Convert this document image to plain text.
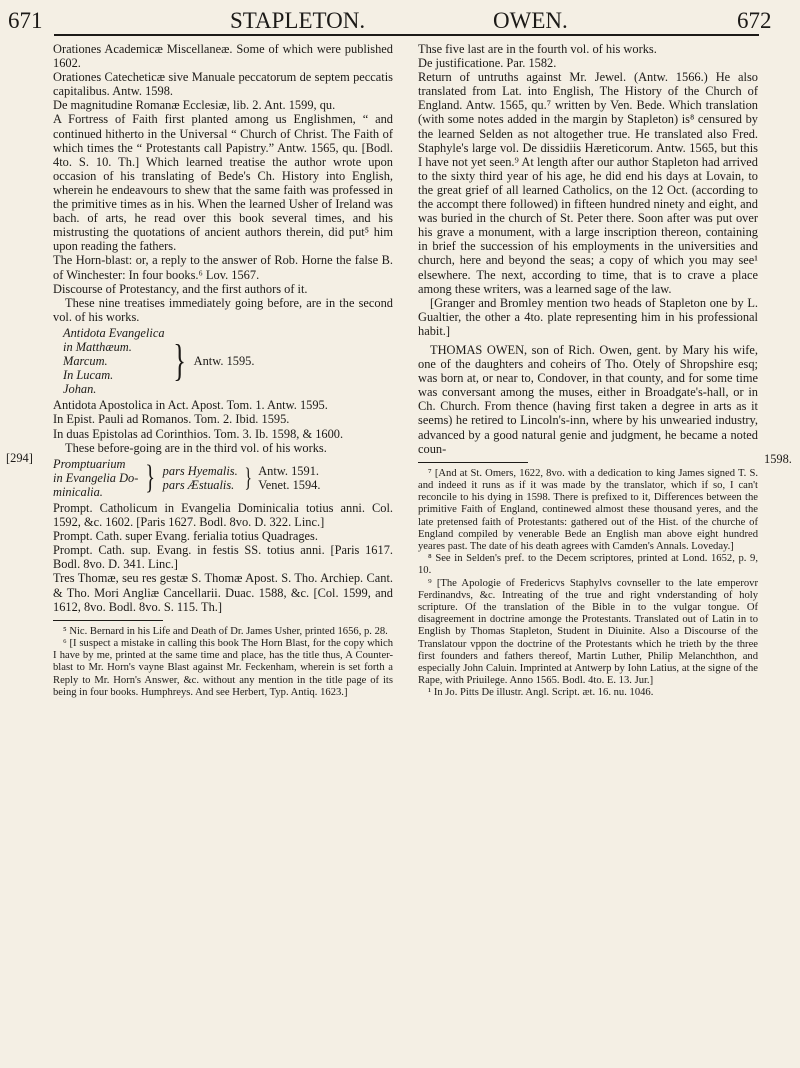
671	STAPLETON.	OWEN.	672
[294]	1598.

Orationes Academicæ Miscellaneæ. Some of which were published 1602.

Orationes Catecheticæ sive Manuale peccatorum de septem peccatis capitalibus. Antw. 1598.

De magnitudine Romanæ Ecclesiæ, lib. 2. Ant. 1599, qu.

A Fortress of Faith first planted among us Englishmen, “ and continued hitherto in the Universal “ Church of Christ. The Faith of which times the “ Protestants call Papistry.” Antw. 1565, qu. [Bodl. 4to. S. 10. Th.] Which learned treatise the author wrote upon occasion of his translating of Bede's Ch. History into English, wherein he endeavours to shew that the same faith was professed in the primitive times as in his. When the learned Usher of Ireland was bach. of arts, he read over this book several times, and his mistrusting the quotations of ancient authors therein, did put⁵ him upon reading the fathers.

The Horn-blast: or, a reply to the answer of Rob. Horne the false B. of Winchester: In four books.⁶ Lov. 1567.

Discourse of Protestancy, and the first authors of it.

These nine treatises immediately going before, are in the second vol. of his works.

Antidota Evangelica
in Matthæum.
Marcum.
In Lucam.
Johan.
} Antw. 1595.

Antidota Apostolica in Act. Apost. Tom. 1. Antw. 1595.

In Epist. Pauli ad Romanos. Tom. 2. Ibid. 1595.

In duas Epistolas ad Corinthios. Tom. 3. Ib. 1598, & 1600.

These before-going are in the third vol. of his works.

Promptuarium
in Evangelia Do-
minicalia.	} pars Hyemalis.
pars Æstualis. } Antw. 1591.
Venet. 1594.

Prompt. Catholicum in Evangelia Dominicalia totius anni. Col. 1592, &c. 1602. [Paris 1627. Bodl. 8vo. D. 322. Linc.]

Prompt. Cath. super Evang. ferialia totius Quadrages.

Prompt. Cath. sup. Evang. in festis SS. totius anni. [Paris 1617. Bodl. 8vo. D. 341. Linc.]

Tres Thomæ, seu res gestæ S. Thomæ Apost. S. Tho. Archiep. Cant. & Tho. Mori Angliæ Cancellarii. Duac. 1588, &c. [Col. 1599, and 1612, 8vo. Bodl. 8vo. S. 115. Th.]

⁵ Nic. Bernard in his Life and Death of Dr. James Usher, printed 1656, p. 28.

⁶ [I suspect a mistake in calling this book The Horn Blast, for the copy which I have by me, printed at the same time and place, has the title thus, A Counter-blast to Mr. Horn's vayne Blast against Mr. Feckenham, wherein is set forth a Reply to Mr. Horn's Answer, &c. without any mention in the title page of its being in four books. Humphreys. And see Herbert, Typ. Antiq. 1623.]

Thse five last are in the fourth vol. of his works.

De justificatione. Par. 1582.

Return of untruths against Mr. Jewel. (Antw. 1566.) He also translated from Lat. into English, The History of the Church of England. Antw. 1565, qu.⁷ written by Ven. Bede. Which translation (with some notes added in the margin by Stapleton) is⁸ censured by the learned Selden as not altogether true. He translated also Fred. Staphyle's large vol. De dissidiis Hæreticorum. Antw. 1565, but this I have not yet seen.⁹ At length after our author Stapleton had arrived to the sixty third year of his age, he did end his days at Lovain, to the great grief of all learned Catholics, on the 12 Oct. (according to the accompt there followed) in fifteen hundred ninety and eight, and was buried in the church of St. Peter there. Soon after was put over his grave a monument, with a large inscription thereon, containing in brief the succession of his employments in the universities and church, here and beyond the seas; a copy of which you may see¹ elsewhere. The next, according to time, that is to crave a place among these writers, was a learned sage of the law.

[Granger and Bromley mention two heads of Stapleton one by L. Gualtier, the other a 4to. plate representing him in his professional habit.]

THOMAS OWEN, son of Rich. Owen, gent. by Mary his wife, one of the daughters and coheirs of Tho. Otely of Shropshire esq; was born at, or near to, Condover, in that county, and for some time was conversant among the muses, either in Broadgate's-hall, or in Ch. Church. From thence (having first taken a degree in arts as it seems) he retired to Lincoln's-inn, where by his unwearied industry, advanced by a good natural genie and judgment, he became a noted coun-

⁷ [And at St. Omers, 1622, 8vo. with a dedication to king James signed T. S. and indeed it runs as if it was made by the translator, which if so, I can't reconcile to his dying in 1598. There is prefixed to it, Differences between the primitive Faith of England, continewed almost these thousand yeres, and the late pretensed faith of Protestants: gathered out of the Hist. of the churche of England compiled by venerable Bede an English man above eight hundred yeares past. The date of his death agrees with Camden's Annals. Loveday.]

⁸ See in Selden's pref. to the Decem scriptores, printed at Lond. 1652, p. 9, 10.

⁹ [The Apologie of Fredericvs Staphylvs covnseller to the late emperovr Ferdinandvs, &c. Intreating of the true and right vnderstanding of holy scripture. Of the translation of the Bible in to the vulgar tongue. Of disagreement in doctrine amonge the Protestants. Translated out of Latin in to English by Thomas Stapleton, Student in Diuinite. Also a Discourse of the Translatour vppon the doctrine of the Protestants which he trieth by the three first founders and fathers thereof, Martin Luther, Philip Melanchthon, and especially John Caluin. Imprinted at Antwerp by Iohn Latius, at the signe of the Rape, with Priuilege. Anno 1565. Bodl. 4to. E. 13. Jur.]

¹ In Jo. Pitts De illustr. Angl. Script. æt. 16. nu. 1046.
